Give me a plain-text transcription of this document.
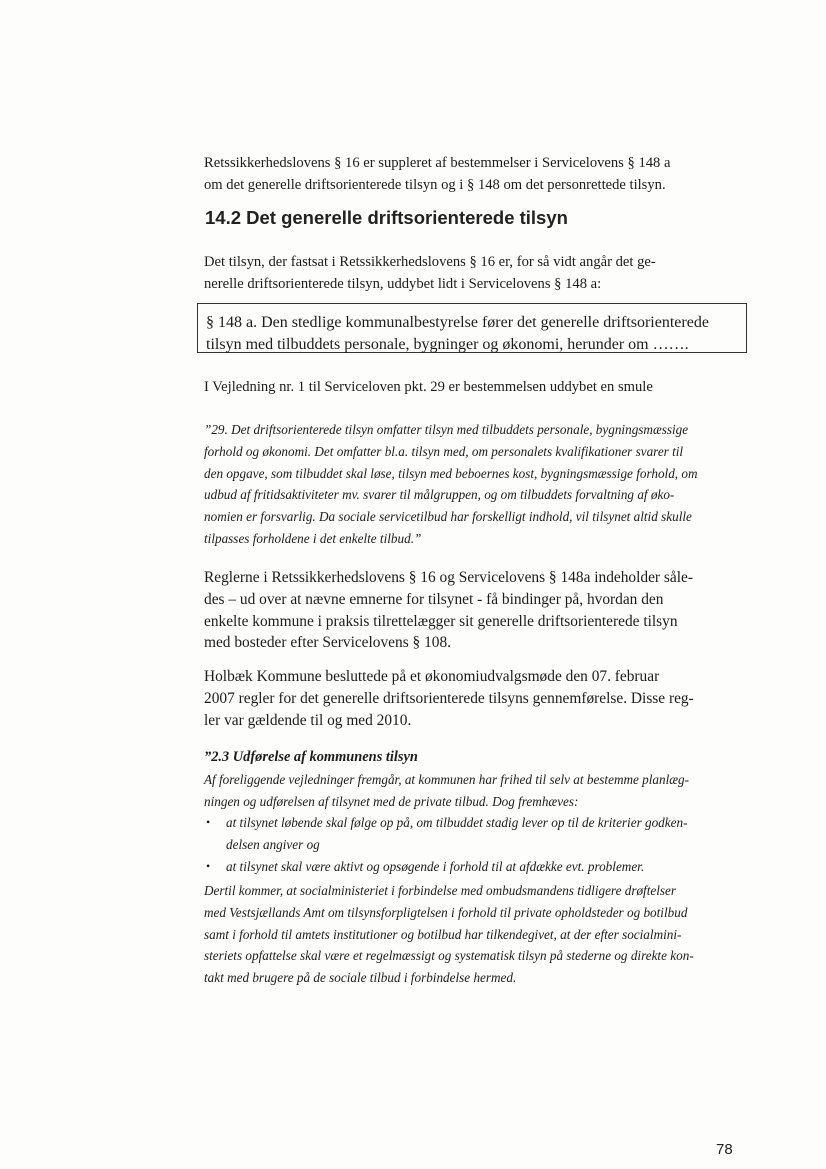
Retssikkerhedslovens § 16 er suppleret af bestemmelser i Servicelovens § 148 a
om det generelle driftsorienterede tilsyn og i § 148 om det personrettede tilsyn.
14.2 Det generelle driftsorienterede tilsyn
Det tilsyn, der fastsat i Retssikkerhedslovens § 16 er, for så vidt angår det ge-
nerelle driftsorienterede tilsyn, uddybet lidt i Servicelovens § 148 a:
§ 148 a. Den stedlige kommunalbestyrelse fører det generelle driftsorienterede
tilsyn med tilbuddets personale, bygninger og økonomi, herunder om …….
I Vejledning nr. 1 til Serviceloven pkt. 29 er bestemmelsen uddybet en smule
”29. Det driftsorienterede tilsyn omfatter tilsyn med tilbuddets personale, bygningsmæssige
forhold og økonomi. Det omfatter bl.a. tilsyn med, om personalets kvalifikationer svarer til
den opgave, som tilbuddet skal løse, tilsyn med beboernes kost, bygningsmæssige forhold, om
udbud af fritidsaktiviteter mv. svarer til målgruppen, og om tilbuddets forvaltning af øko-
nomien er forsvarlig. Da sociale servicetilbud har forskelligt indhold, vil tilsynet altid skulle
tilpasses forholdene i det enkelte tilbud.”
Reglerne i Retssikkerhedslovens § 16 og Servicelovens § 148a indeholder såle-
des – ud over at nævne emnerne for tilsynet - få bindinger på, hvordan den
enkelte kommune i praksis tilrettelægger sit generelle driftsorienterede tilsyn
med bosteder efter Servicelovens § 108.
Holbæk Kommune besluttede på et økonomiudvalgsmøde den 07. februar
2007 regler for det generelle driftsorienterede tilsyns gennemførelse. Disse reg-
ler var gældende til og med 2010.
”2.3 Udførelse af kommunens tilsyn
Af foreliggende vejledninger fremgår, at kommunen har frihed til selv at bestemme planlæg-
ningen og udførelsen af tilsynet med de private tilbud. Dog fremhæves:
• at tilsynet løbende skal følge op på, om tilbuddet stadig lever op til de kriterier godken-
delsen angiver og
• at tilsynet skal være aktivt og opsøgende i forhold til at afdække evt. problemer.
Dertil kommer, at socialministeriet i forbindelse med ombudsmandens tidligere drøftelser
med Vestsjællands Amt om tilsynsforpligtelsen i forhold til private opholdsteder og botilbud
samt i forhold til amtets institutioner og botilbud har tilkendegivet, at der efter socialmini-
steriets opfattelse skal være et regelmæssigt og systematisk tilsyn på stederne og direkte kon-
takt med brugere på de sociale tilbud i forbindelse hermed.
78
